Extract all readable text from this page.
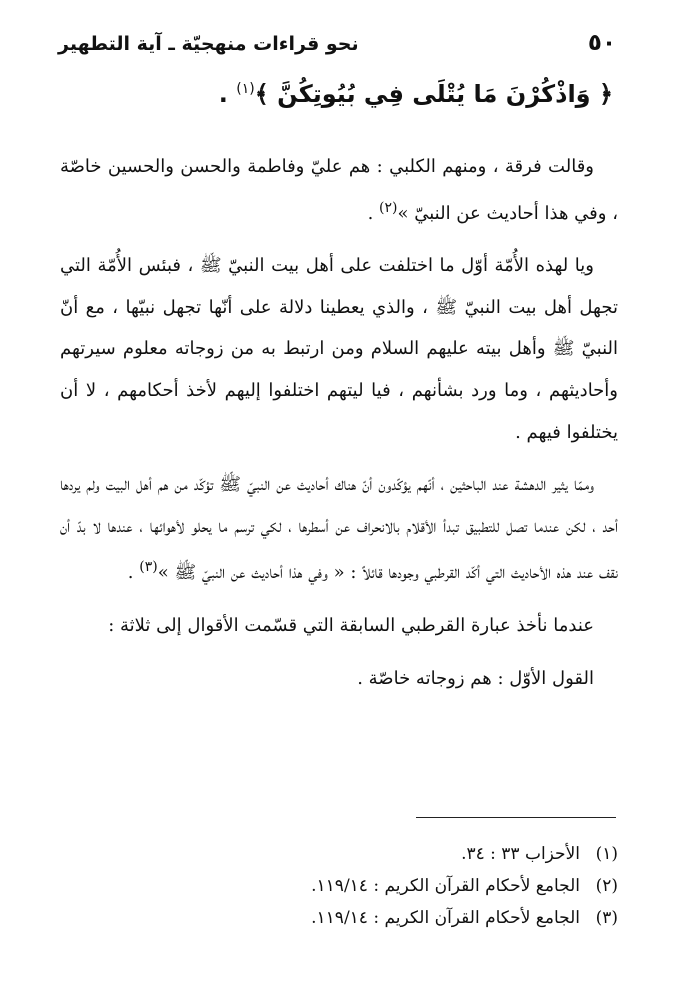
٥٠
نحو قراءات منهجيّة ـ آية التطهير
﴿ وَاذْكُرْنَ مَا يُتْلَى فِي بُيُوتِكُنَّ ﴾$^{(١)}$ .

وقالت فرقة ، ومنهم الكلبي : هم عليّ وفاطمة والحسن والحسين خاصّة ، وفي هذا أحاديث عن النبيّ »$^{(٢)}$ .

ويا لهذه الأُمّة أوّل ما اختلفت على أهل بيت النبيّ ﷺ ، فبئس الأُمّة التي تجهل أهل بيت النبيّ ﷺ ، والذي يعطينا دلالة على أنّها تجهل نبيّها ، مع أنّ النبيّ ﷺ وأهل بيته عليهم السلام ومن ارتبط به من زوجاته معلوم سيرتهم وأحاديثهم ، وما ورد بشأنهم ، فيا ليتهم اختلفوا إليهم لأخذ أحكامهم ، لا أن يختلفوا فيهم .

وممّا يثير الدهشة عند الباحثين ، أنّهم يؤكّدون أنّ هناك أحاديث عن النبيّ ﷺ تؤكّد من هم أهل البيت ولم يردها أحد ، لكن عندما تصل للتطبيق تبدأ الأقلام بالانحراف عن أسطرها ، لكي ترسم ما يحلو لأهوائها ، عندها لا بدّ أن نقف عند هذه الأحاديث التي أكّد القرطبي وجودها قائلاً : « وفي هذا أحاديث عن النبيّ ﷺ »$^{(٣)}$ .

عندما نأخذ عبارة القرطبي السابقة التي قسّمت الأقوال إلى ثلاثة :

القول الأوّل : هم زوجاته خاصّة .

(١)
الأحزاب ٣٣ : ٣٤.
(٢)
الجامع لأحكام القرآن الكريم : ١١٩/١٤.
(٣)
الجامع لأحكام القرآن الكريم : ١١٩/١٤.
